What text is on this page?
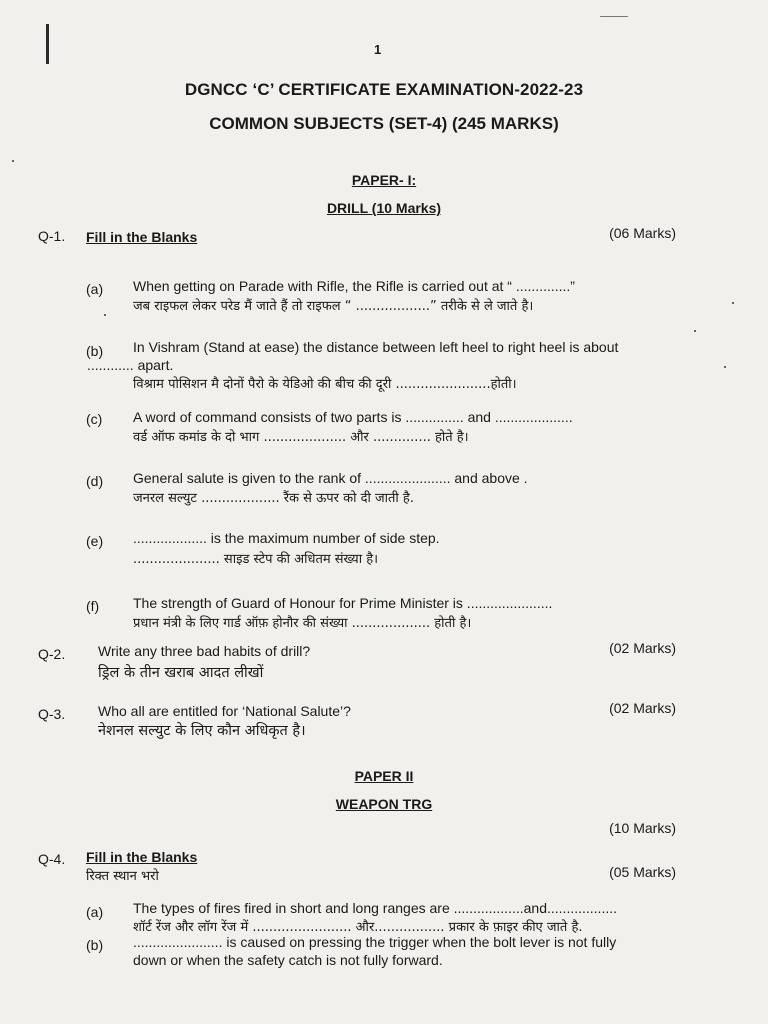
1
DGNCC ‘C’ CERTIFICATE EXAMINATION-2022-23
COMMON SUBJECTS (SET-4) (245 MARKS)
PAPER- I:
DRILL (10 Marks)
Q-1. Fill in the Blanks	(06 Marks)
(a) When getting on Parade with Rifle, the Rifle is carried out at “ ..............”
जब राइफल लेकर परेड मैं जाते हैं तो राइफल “ ..................” तरीके से ले जाते है।
(b) In Vishram (Stand at ease) the distance between left heel to right heel is about
............ apart.
विश्राम पोसिशन मै दोनों पैरो के येडिओ की बीच की दूरी .......................होती।
(c) A word of command consists of two parts is ............... and ....................
वर्ड ऑफ कमांड के दो भाग .................... और .............. होते है।
(d) General salute is given to the rank of ...................... and above .
जनरल सल्युट ................... रैंक से ऊपर को दी जाती है.
(e) ................... is the maximum number of side step.
..................... साइड स्टेप की अधितम संख्या है।
(f) The strength of Guard of Honour for Prime Minister is ......................
प्रधान मंत्री के लिए गार्ड ऑफ़ होनौर की संख्या ................... होती है।
Q-2. Write any three bad habits of drill?	(02 Marks)
ड्रिल के तीन खराब आदत लीखों
Q-3. Who all are entitled for ‘National Salute’?	(02 Marks)
नेशनल सल्युट के लिए कौन अधिकृत है।
PAPER II
WEAPON TRG
(10 Marks)
Q-4. Fill in the Blanks
रिक्त स्थान भरो	(05 Marks)
(a) The types of fires fired in short and long ranges are ..................and..................
शॉर्ट रेंज और लॉग रेंज में ........................ और................. प्रकार के फ़ाइर कीए जाते है.
(b) ....................... is caused on pressing the trigger when the bolt lever is not fully
down or when the safety catch is not fully forward.
